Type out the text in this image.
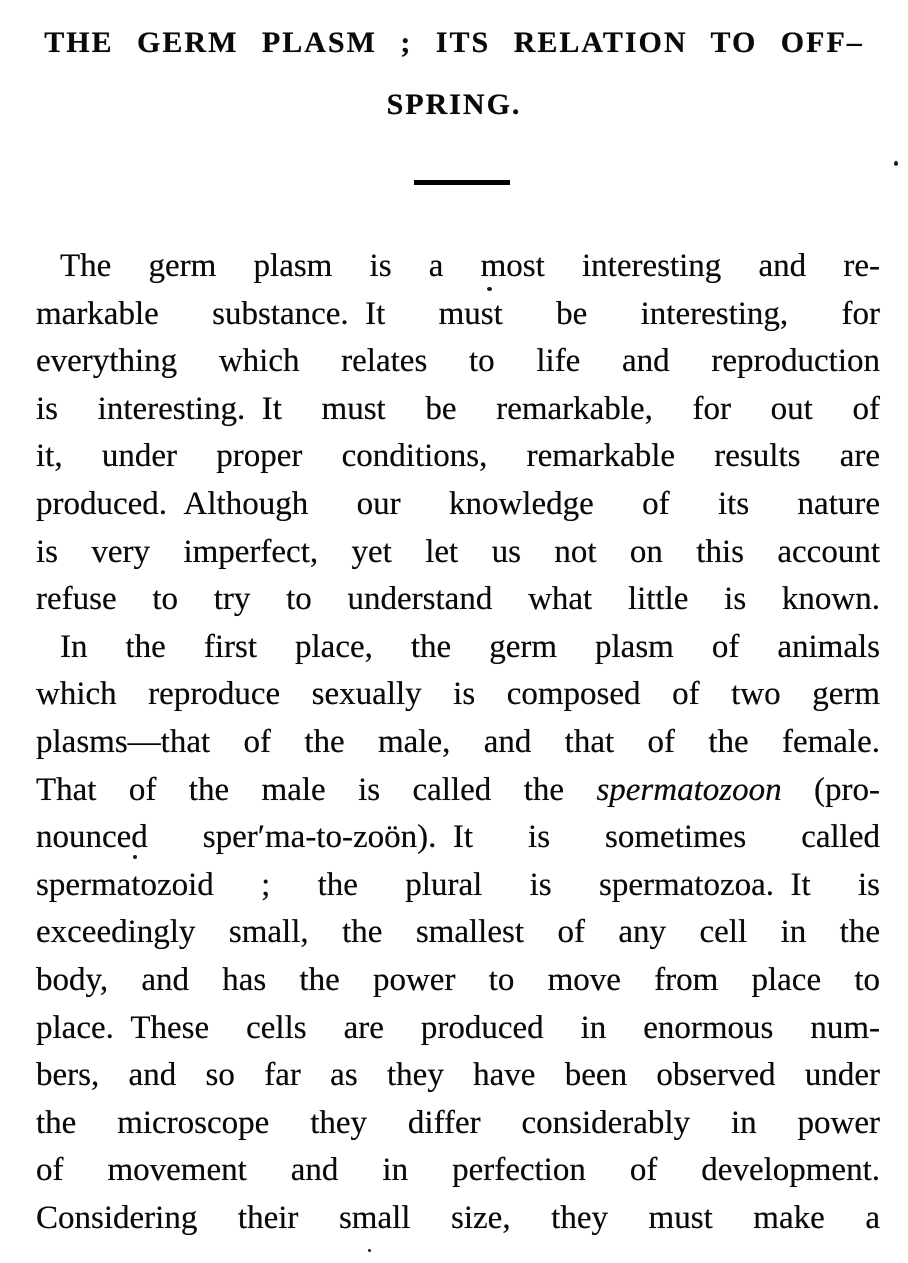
THE GERM PLASM ; ITS RELATION TO OFF–
SPRING.

The germ plasm is a most interesting and re-
markable substance. It must be interesting, for
everything which relates to life and reproduction
is interesting. It must be remarkable, for out of
it, under proper conditions, remarkable results are
produced. Although our knowledge of its nature
is very imperfect, yet let us not on this account
refuse to try to understand what little is known.

In the first place, the germ plasm of animals
which reproduce sexually is composed of two germ
plasms—that of the male, and that of the female.
That of the male is called the spermatozoon (pro-
nounced sper′ma-to-zoön). It is sometimes called
spermatozoid ; the plural is spermatozoa. It is
exceedingly small, the smallest of any cell in the
body, and has the power to move from place to
place. These cells are produced in enormous num-
bers, and so far as they have been observed under
the microscope they differ considerably in power
of movement and in perfection of development.
Considering their small size, they must make a
